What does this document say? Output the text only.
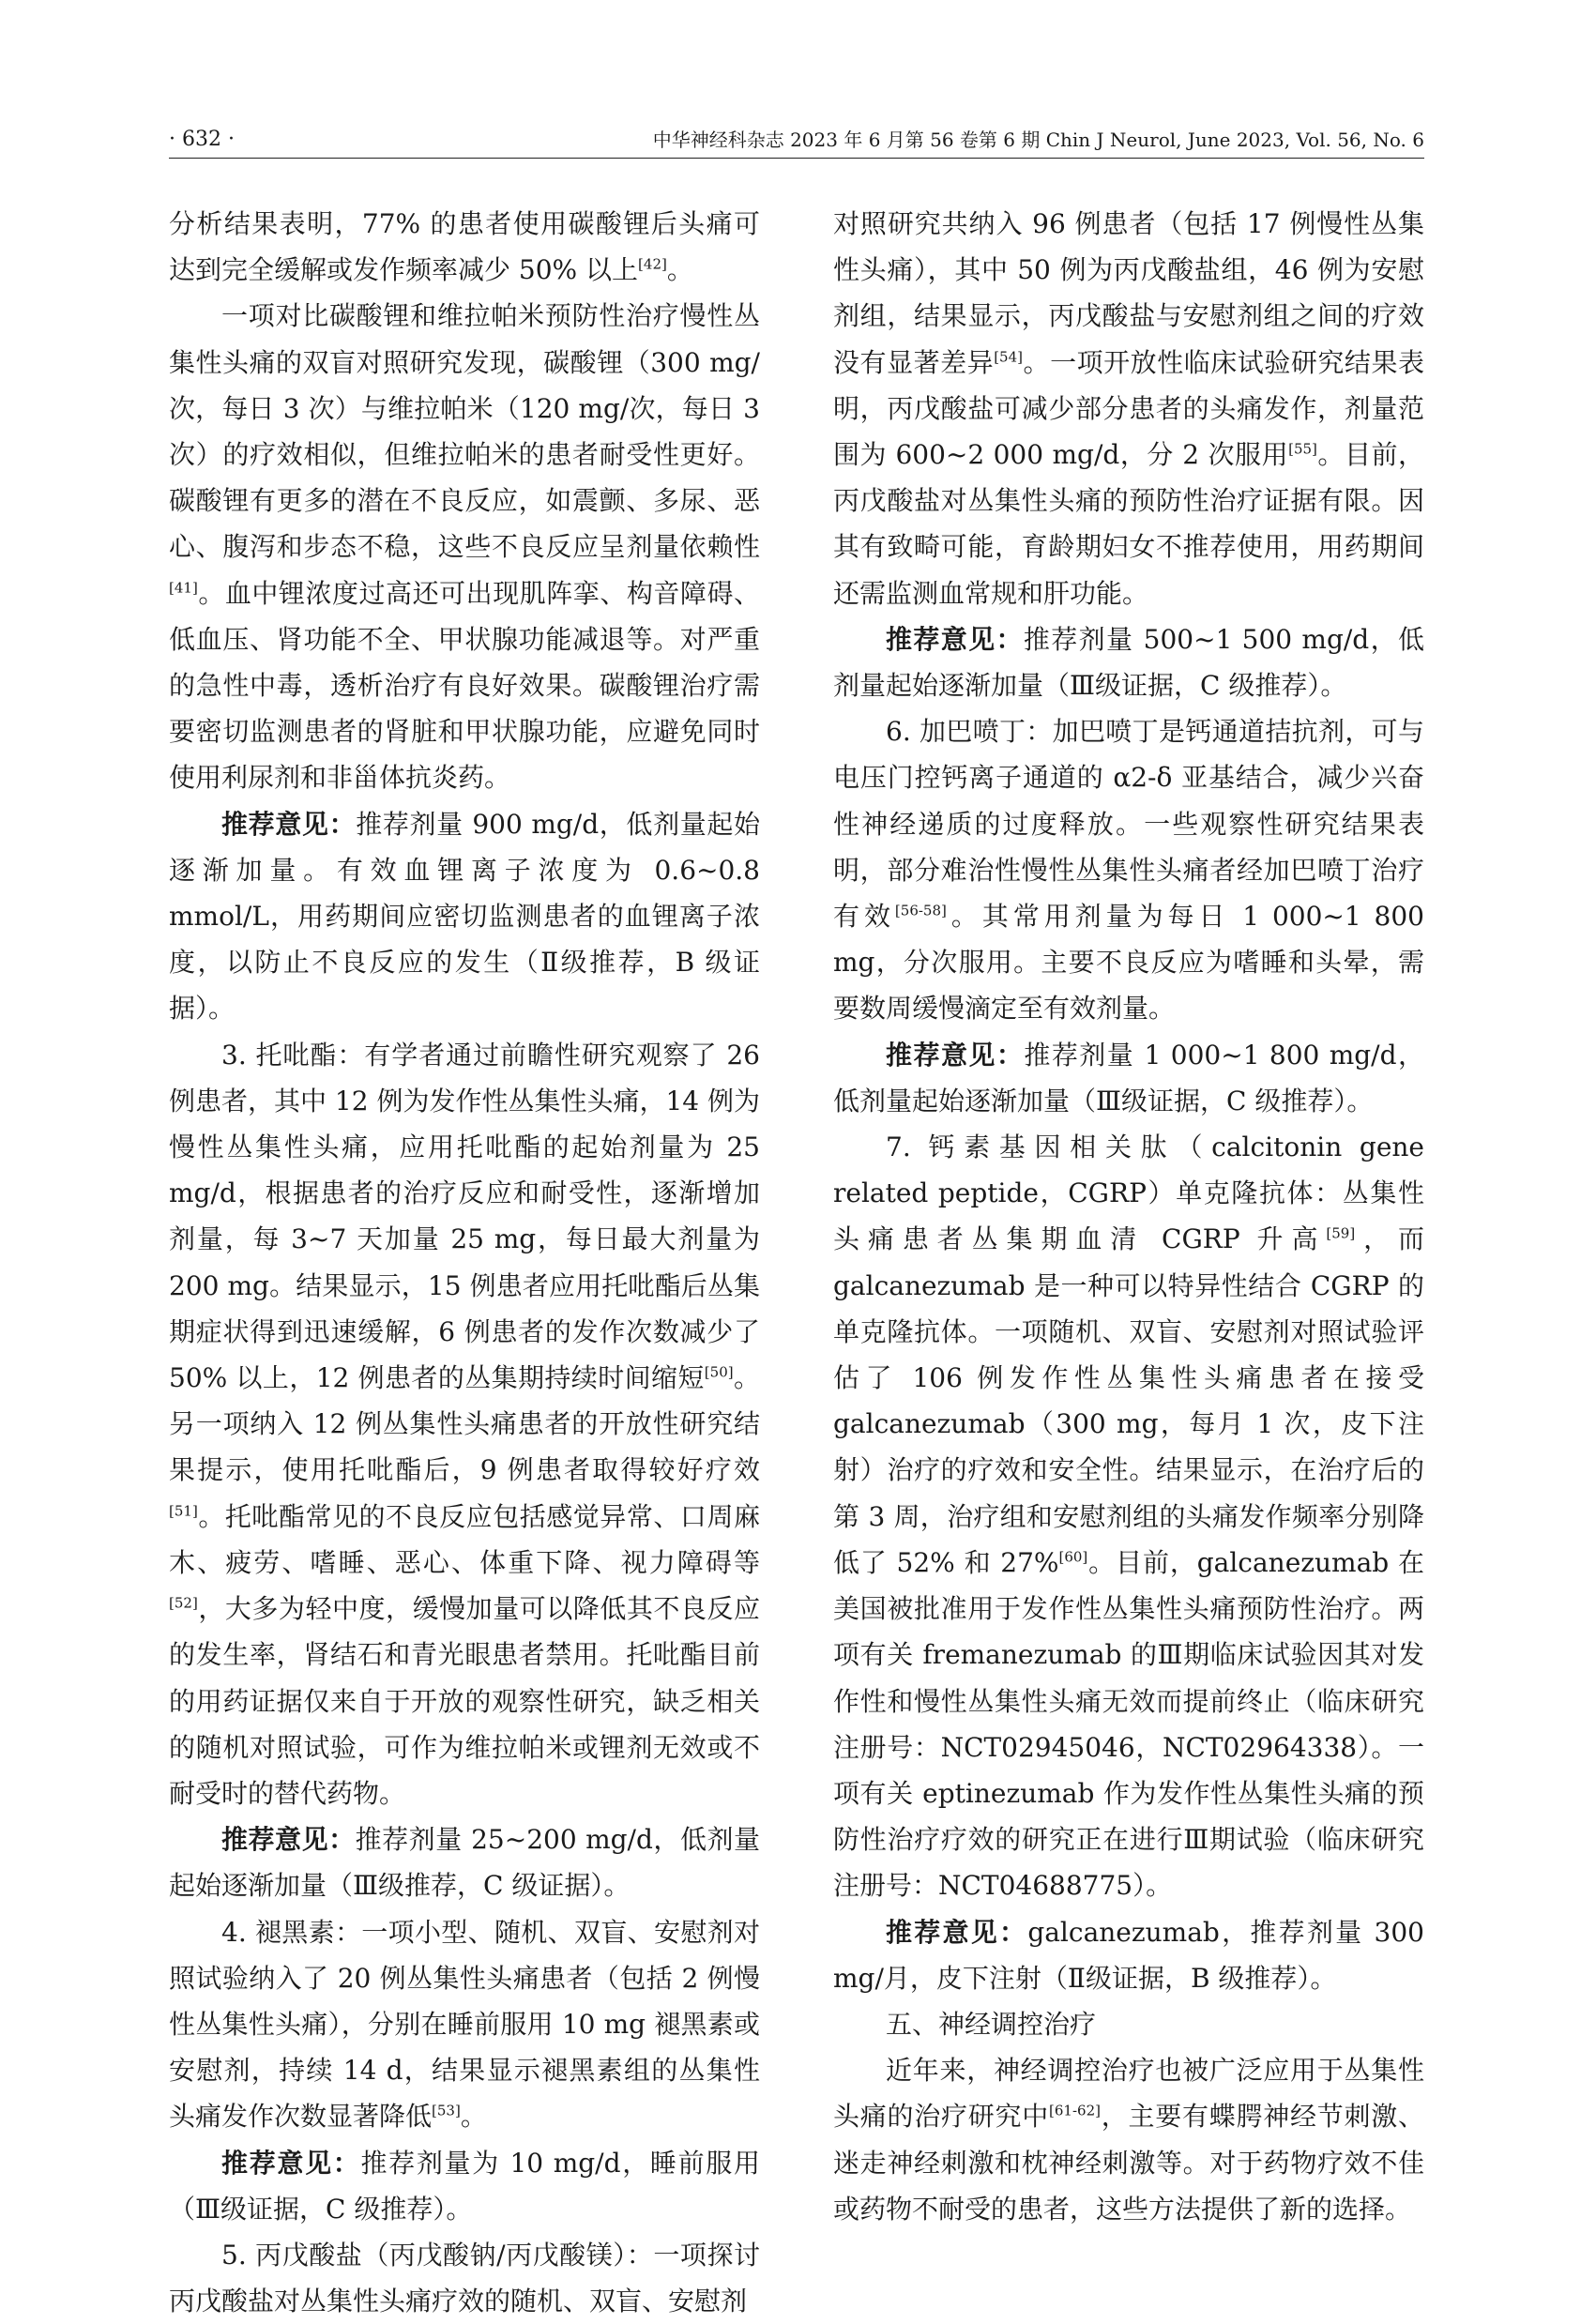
· 632 ·	中华神经科杂志 2023 年 6 月第 56 卷第 6 期 Chin J Neurol, June 2023, Vol. 56, No. 6

分析结果表明，77% 的患者使用碳酸锂后头痛可达到完全缓解或发作频率减少 50% 以上[42]。

一项对比碳酸锂和维拉帕米预防性治疗慢性丛集性头痛的双盲对照研究发现，碳酸锂（300 mg/次，每日 3 次）与维拉帕米（120 mg/次，每日 3 次）的疗效相似，但维拉帕米的患者耐受性更好。碳酸锂有更多的潜在不良反应，如震颤、多尿、恶心、腹泻和步态不稳，这些不良反应呈剂量依赖性[41]。血中锂浓度过高还可出现肌阵挛、构音障碍、低血压、肾功能不全、甲状腺功能减退等。对严重的急性中毒，透析治疗有良好效果。碳酸锂治疗需要密切监测患者的肾脏和甲状腺功能，应避免同时使用利尿剂和非甾体抗炎药。

推荐意见：推荐剂量 900 mg/d，低剂量起始逐渐加量。有效血锂离子浓度为 0.6~0.8 mmol/L，用药期间应密切监测患者的血锂离子浓度，以防止不良反应的发生（Ⅱ级推荐，B 级证据）。

3. 托吡酯：有学者通过前瞻性研究观察了 26 例患者，其中 12 例为发作性丛集性头痛，14 例为慢性丛集性头痛，应用托吡酯的起始剂量为 25 mg/d，根据患者的治疗反应和耐受性，逐渐增加剂量，每 3~7 天加量 25 mg，每日最大剂量为 200 mg。结果显示，15 例患者应用托吡酯后丛集期症状得到迅速缓解，6 例患者的发作次数减少了 50% 以上，12 例患者的丛集期持续时间缩短[50]。另一项纳入 12 例丛集性头痛患者的开放性研究结果提示，使用托吡酯后，9 例患者取得较好疗效[51]。托吡酯常见的不良反应包括感觉异常、口周麻木、疲劳、嗜睡、恶心、体重下降、视力障碍等[52]，大多为轻中度，缓慢加量可以降低其不良反应的发生率，肾结石和青光眼患者禁用。托吡酯目前的用药证据仅来自于开放的观察性研究，缺乏相关的随机对照试验，可作为维拉帕米或锂剂无效或不耐受时的替代药物。

推荐意见：推荐剂量 25~200 mg/d，低剂量起始逐渐加量（Ⅲ级推荐，C 级证据）。

4. 褪黑素：一项小型、随机、双盲、安慰剂对照试验纳入了 20 例丛集性头痛患者（包括 2 例慢性丛集性头痛），分别在睡前服用 10 mg 褪黑素或安慰剂，持续 14 d，结果显示褪黑素组的丛集性头痛发作次数显著降低[53]。

推荐意见：推荐剂量为 10 mg/d，睡前服用（Ⅲ级证据，C 级推荐）。

5. 丙戊酸盐（丙戊酸钠/丙戊酸镁）：一项探讨丙戊酸盐对丛集性头痛疗效的随机、双盲、安慰剂

对照研究共纳入 96 例患者（包括 17 例慢性丛集性头痛），其中 50 例为丙戊酸盐组，46 例为安慰剂组，结果显示，丙戊酸盐与安慰剂组之间的疗效没有显著差异[54]。一项开放性临床试验研究结果表明，丙戊酸盐可减少部分患者的头痛发作，剂量范围为 600~2 000 mg/d，分 2 次服用[55]。目前，丙戊酸盐对丛集性头痛的预防性治疗证据有限。因其有致畸可能，育龄期妇女不推荐使用，用药期间还需监测血常规和肝功能。

推荐意见：推荐剂量 500~1 500 mg/d，低剂量起始逐渐加量（Ⅲ级证据，C 级推荐）。

6. 加巴喷丁：加巴喷丁是钙通道拮抗剂，可与电压门控钙离子通道的 α2-δ 亚基结合，减少兴奋性神经递质的过度释放。一些观察性研究结果表明，部分难治性慢性丛集性头痛者经加巴喷丁治疗有效[56-58]。其常用剂量为每日 1 000~1 800 mg，分次服用。主要不良反应为嗜睡和头晕，需要数周缓慢滴定至有效剂量。

推荐意见：推荐剂量 1 000~1 800 mg/d，低剂量起始逐渐加量（Ⅲ级证据，C 级推荐）。

7. 钙素基因相关肽（calcitonin gene related peptide，CGRP）单克隆抗体：丛集性头痛患者丛集期血清 CGRP 升高[59]，而 galcanezumab 是一种可以特异性结合 CGRP 的单克隆抗体。一项随机、双盲、安慰剂对照试验评估了 106 例发作性丛集性头痛患者在接受 galcanezumab（300 mg，每月 1 次，皮下注射）治疗的疗效和安全性。结果显示，在治疗后的第 3 周，治疗组和安慰剂组的头痛发作频率分别降低了 52% 和 27%[60]。目前，galcanezumab 在美国被批准用于发作性丛集性头痛预防性治疗。两项有关 fremanezumab 的Ⅲ期临床试验因其对发作性和慢性丛集性头痛无效而提前终止（临床研究注册号：NCT02945046，NCT02964338）。一项有关 eptinezumab 作为发作性丛集性头痛的预防性治疗疗效的研究正在进行Ⅲ期试验（临床研究注册号：NCT04688775）。

推荐意见：galcanezumab，推荐剂量 300 mg/月，皮下注射（Ⅱ级证据，B 级推荐）。

五、神经调控治疗

近年来，神经调控治疗也被广泛应用于丛集性头痛的治疗研究中[61-62]，主要有蝶腭神经节刺激、迷走神经刺激和枕神经刺激等。对于药物疗效不佳或药物不耐受的患者，这些方法提供了新的选择。
